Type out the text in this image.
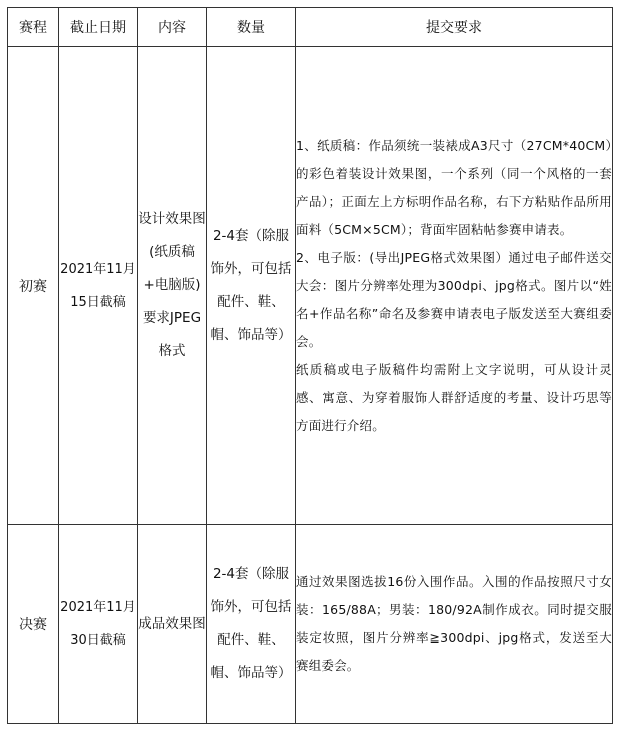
赛程	截止日期	内容	数量	提交要求
初赛	2021年11月15日截稿	设计效果图(纸质稿+电脑版)要求JPEG格式	2-4套（除服饰外，可包括配件、鞋、帽、饰品等）	1、纸质稿：作品须统一装裱成A3尺寸（27CM*40CM）的彩色着装设计效果图，一个系列（同一个风格的一套产品）；正面左上方标明作品名称，右下方粘贴作品所用面料（5CM×5CM）；背面牢固粘帖参赛申请表。
2、电子版：(导出JPEG格式效果图）通过电子邮件送交大会：图片分辨率处理为300dpi、jpg格式。图片以“姓名+作品名称”命名及参赛申请表电子版发送至大赛组委会。
纸质稿或电子版稿件均需附上文字说明，可从设计灵感、寓意、为穿着服饰人群舒适度的考量、设计巧思等方面进行介绍。

决赛	2021年11月30日截稿	成品效果图	2-4套（除服饰外，可包括配件、鞋、帽、饰品等）	通过效果图选拔16份入围作品。入围的作品按照尺寸女装：165/88A；男装：180/92A制作成衣。同时提交服装定妆照，图片分辨率≧300dpi、jpg格式，发送至大赛组委会。
